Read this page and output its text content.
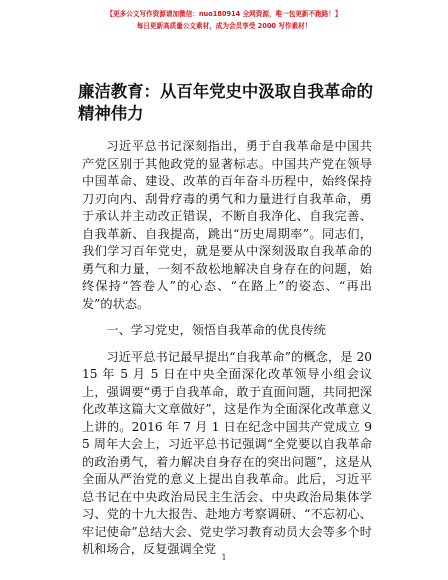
【更多公文写作资源请加微信：nuo180914 全网资源，唯一包更新不跑路！】
每日更新高质量公文素材，成为会员享受 2000 写作素材！
廉洁教育：从百年党史中汲取自我革命的精神伟力

习近平总书记深刻指出，勇于自我革命是中国共产党区别于其他政党的显著标志。中国共产党在领导中国革命、建设、改革的百年奋斗历程中，始终保持刀刃向内、刮骨疗毒的勇气和力量进行自我革命，勇于承认并主动改正错误，不断自我净化、自我完善、自我革新、自我提高，跳出“历史周期率”。同志们，我们学习百年党史，就是要从中深刻汲取自我革命的勇气和力量，一刻不敌松地解决自身存在的问题，始终保持“答卷人”的心态、“在路上”的姿态、“再出发”的状态。

一、学习党史，领悟自我革命的优良传统

习近平总书记最早提出“自我革命”的概念，是 2015 年 5 月 5 日在中央全面深化改革领导小组会议上，强调要“勇于自我革命，敢于直面问题，共同把深化改革这篇大文章做好”，这是作为全面深化改革意义上讲的。2016 年 7 月 1 日在纪念中国共产党成立 95 周年大会上，习近平总书记强调“全党要以自我革命的政治勇气，着力解决自身存在的突出问题”，这是从全面从严治党的意义上提出自我革命。此后，习近平总书记在中央政治局民主生活会、中央政治局集体学习、党的十九大报告、赴地方考察调研、“不忘初心、牢记使命”总结大会、党史学习教育动员大会等多个时机和场合，反复强调全党

1
